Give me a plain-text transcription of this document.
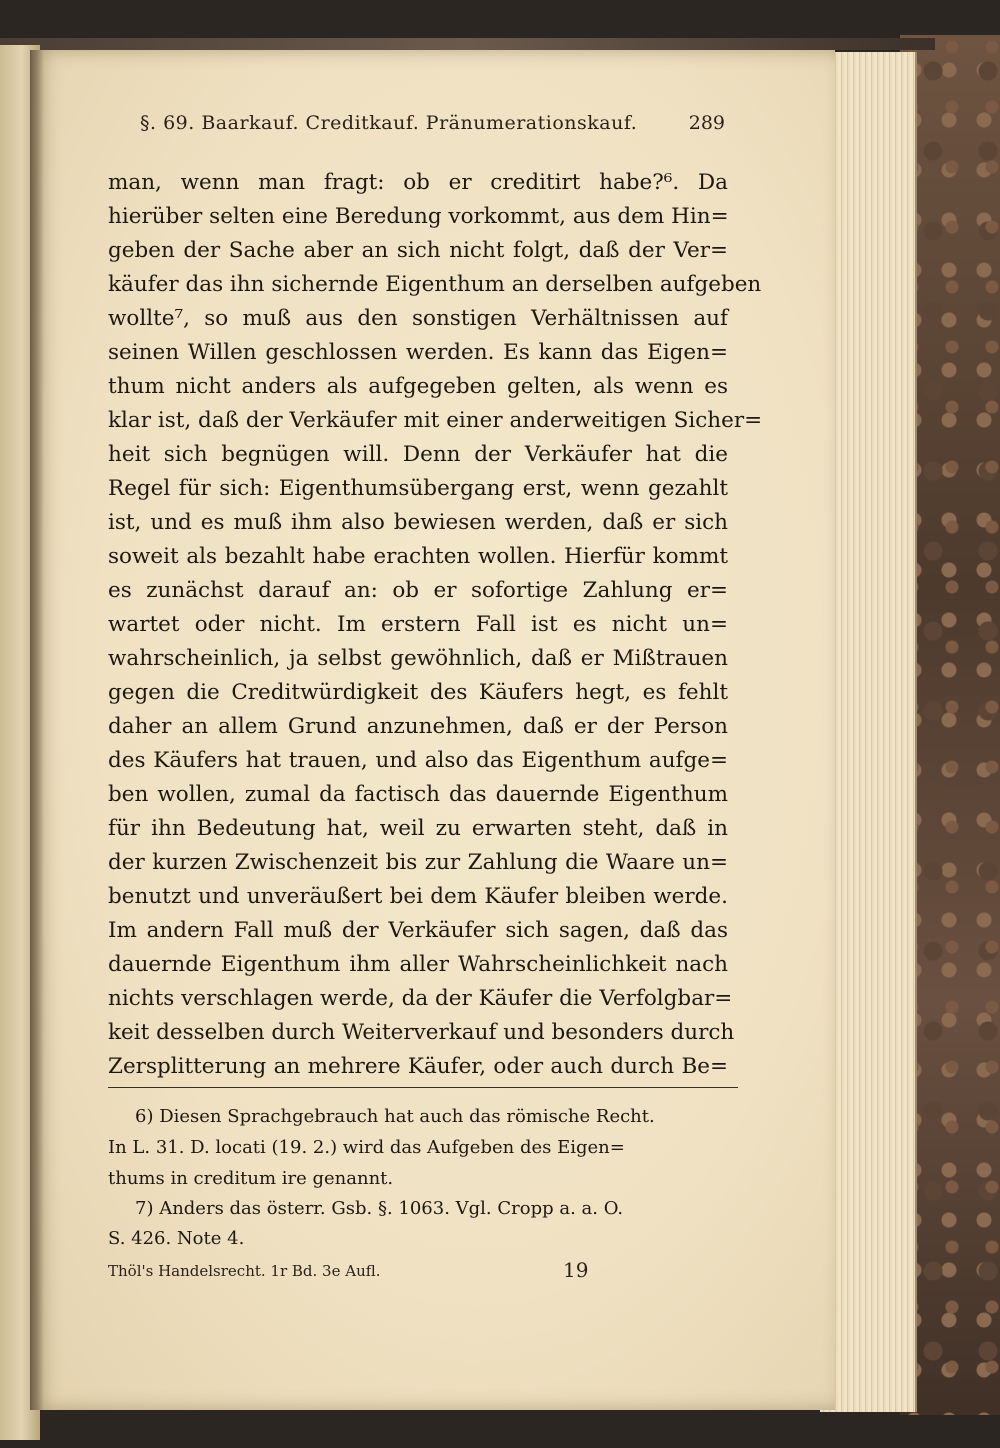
§. 69. Baarkauf. Creditkauf. Pränumerationskauf.	289
man, wenn man fragt: ob er creditirt habe?⁶. Da
hierüber selten eine Beredung vorkommt, aus dem Hin=
geben der Sache aber an sich nicht folgt, daß der Ver=
käufer das ihn sichernde Eigenthum an derselben aufgeben
wollte⁷, so muß aus den sonstigen Verhältnissen auf
seinen Willen geschlossen werden. Es kann das Eigen=
thum nicht anders als aufgegeben gelten, als wenn es
klar ist, daß der Verkäufer mit einer anderweitigen Sicher=
heit sich begnügen will. Denn der Verkäufer hat die
Regel für sich: Eigenthumsübergang erst, wenn gezahlt
ist, und es muß ihm also bewiesen werden, daß er sich
soweit als bezahlt habe erachten wollen. Hierfür kommt
es zunächst darauf an: ob er sofortige Zahlung er=
wartet oder nicht. Im erstern Fall ist es nicht un=
wahrscheinlich, ja selbst gewöhnlich, daß er Mißtrauen
gegen die Creditwürdigkeit des Käufers hegt, es fehlt
daher an allem Grund anzunehmen, daß er der Person
des Käufers hat trauen, und also das Eigenthum aufge=
ben wollen, zumal da factisch das dauernde Eigenthum
für ihn Bedeutung hat, weil zu erwarten steht, daß in
der kurzen Zwischenzeit bis zur Zahlung die Waare un=
benutzt und unveräußert bei dem Käufer bleiben werde.
Im andern Fall muß der Verkäufer sich sagen, daß das
dauernde Eigenthum ihm aller Wahrscheinlichkeit nach
nichts verschlagen werde, da der Käufer die Verfolgbar=
keit desselben durch Weiterverkauf und besonders durch
Zersplitterung an mehrere Käufer, oder auch durch Be=
6) Diesen Sprachgebrauch hat auch das römische Recht.
In L. 31. D. locati (19. 2.) wird das Aufgeben des Eigen=
thums in creditum ire genannt.
7) Anders das österr. Gsb. §. 1063. Vgl. Cropp a. a. O.
S. 426. Note 4.
Thöl's Handelsrecht. 1r Bd. 3e Aufl.	19
